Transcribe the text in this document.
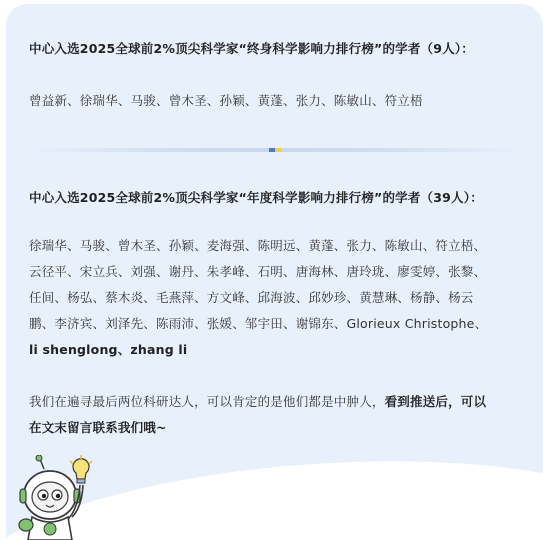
中心入选2025全球前2%顶尖科学家“终身科学影响力排行榜”的学者（9人）：
曾益新、徐瑞华、马骏、曾木圣、孙颖、黄蓬、张力、陈敏山、符立梧
中心入选2025全球前2%顶尖科学家“年度科学影响力排行榜”的学者（39人）：
徐瑞华、马骏、曾木圣、孙颖、麦海强、陈明远、黄蓬、张力、陈敏山、符立梧、
云径平、宋立兵、刘强、谢丹、朱孝峰、石明、唐海林、唐玲珑、廖雯婷、张黎、
任间、杨弘、蔡木炎、毛燕萍、方文峰、邱海波、邱妙珍、黄慧琳、杨静、杨云
鹏、李济宾、刘泽先、陈雨沛、张媛、邹宇田、谢锦东、Glorieux Christophe、
li shenglong、zhang li
我们在遍寻最后两位科研达人，可以肯定的是他们都是中肿人，看到推送后，可以
在文末留言联系我们哦~
